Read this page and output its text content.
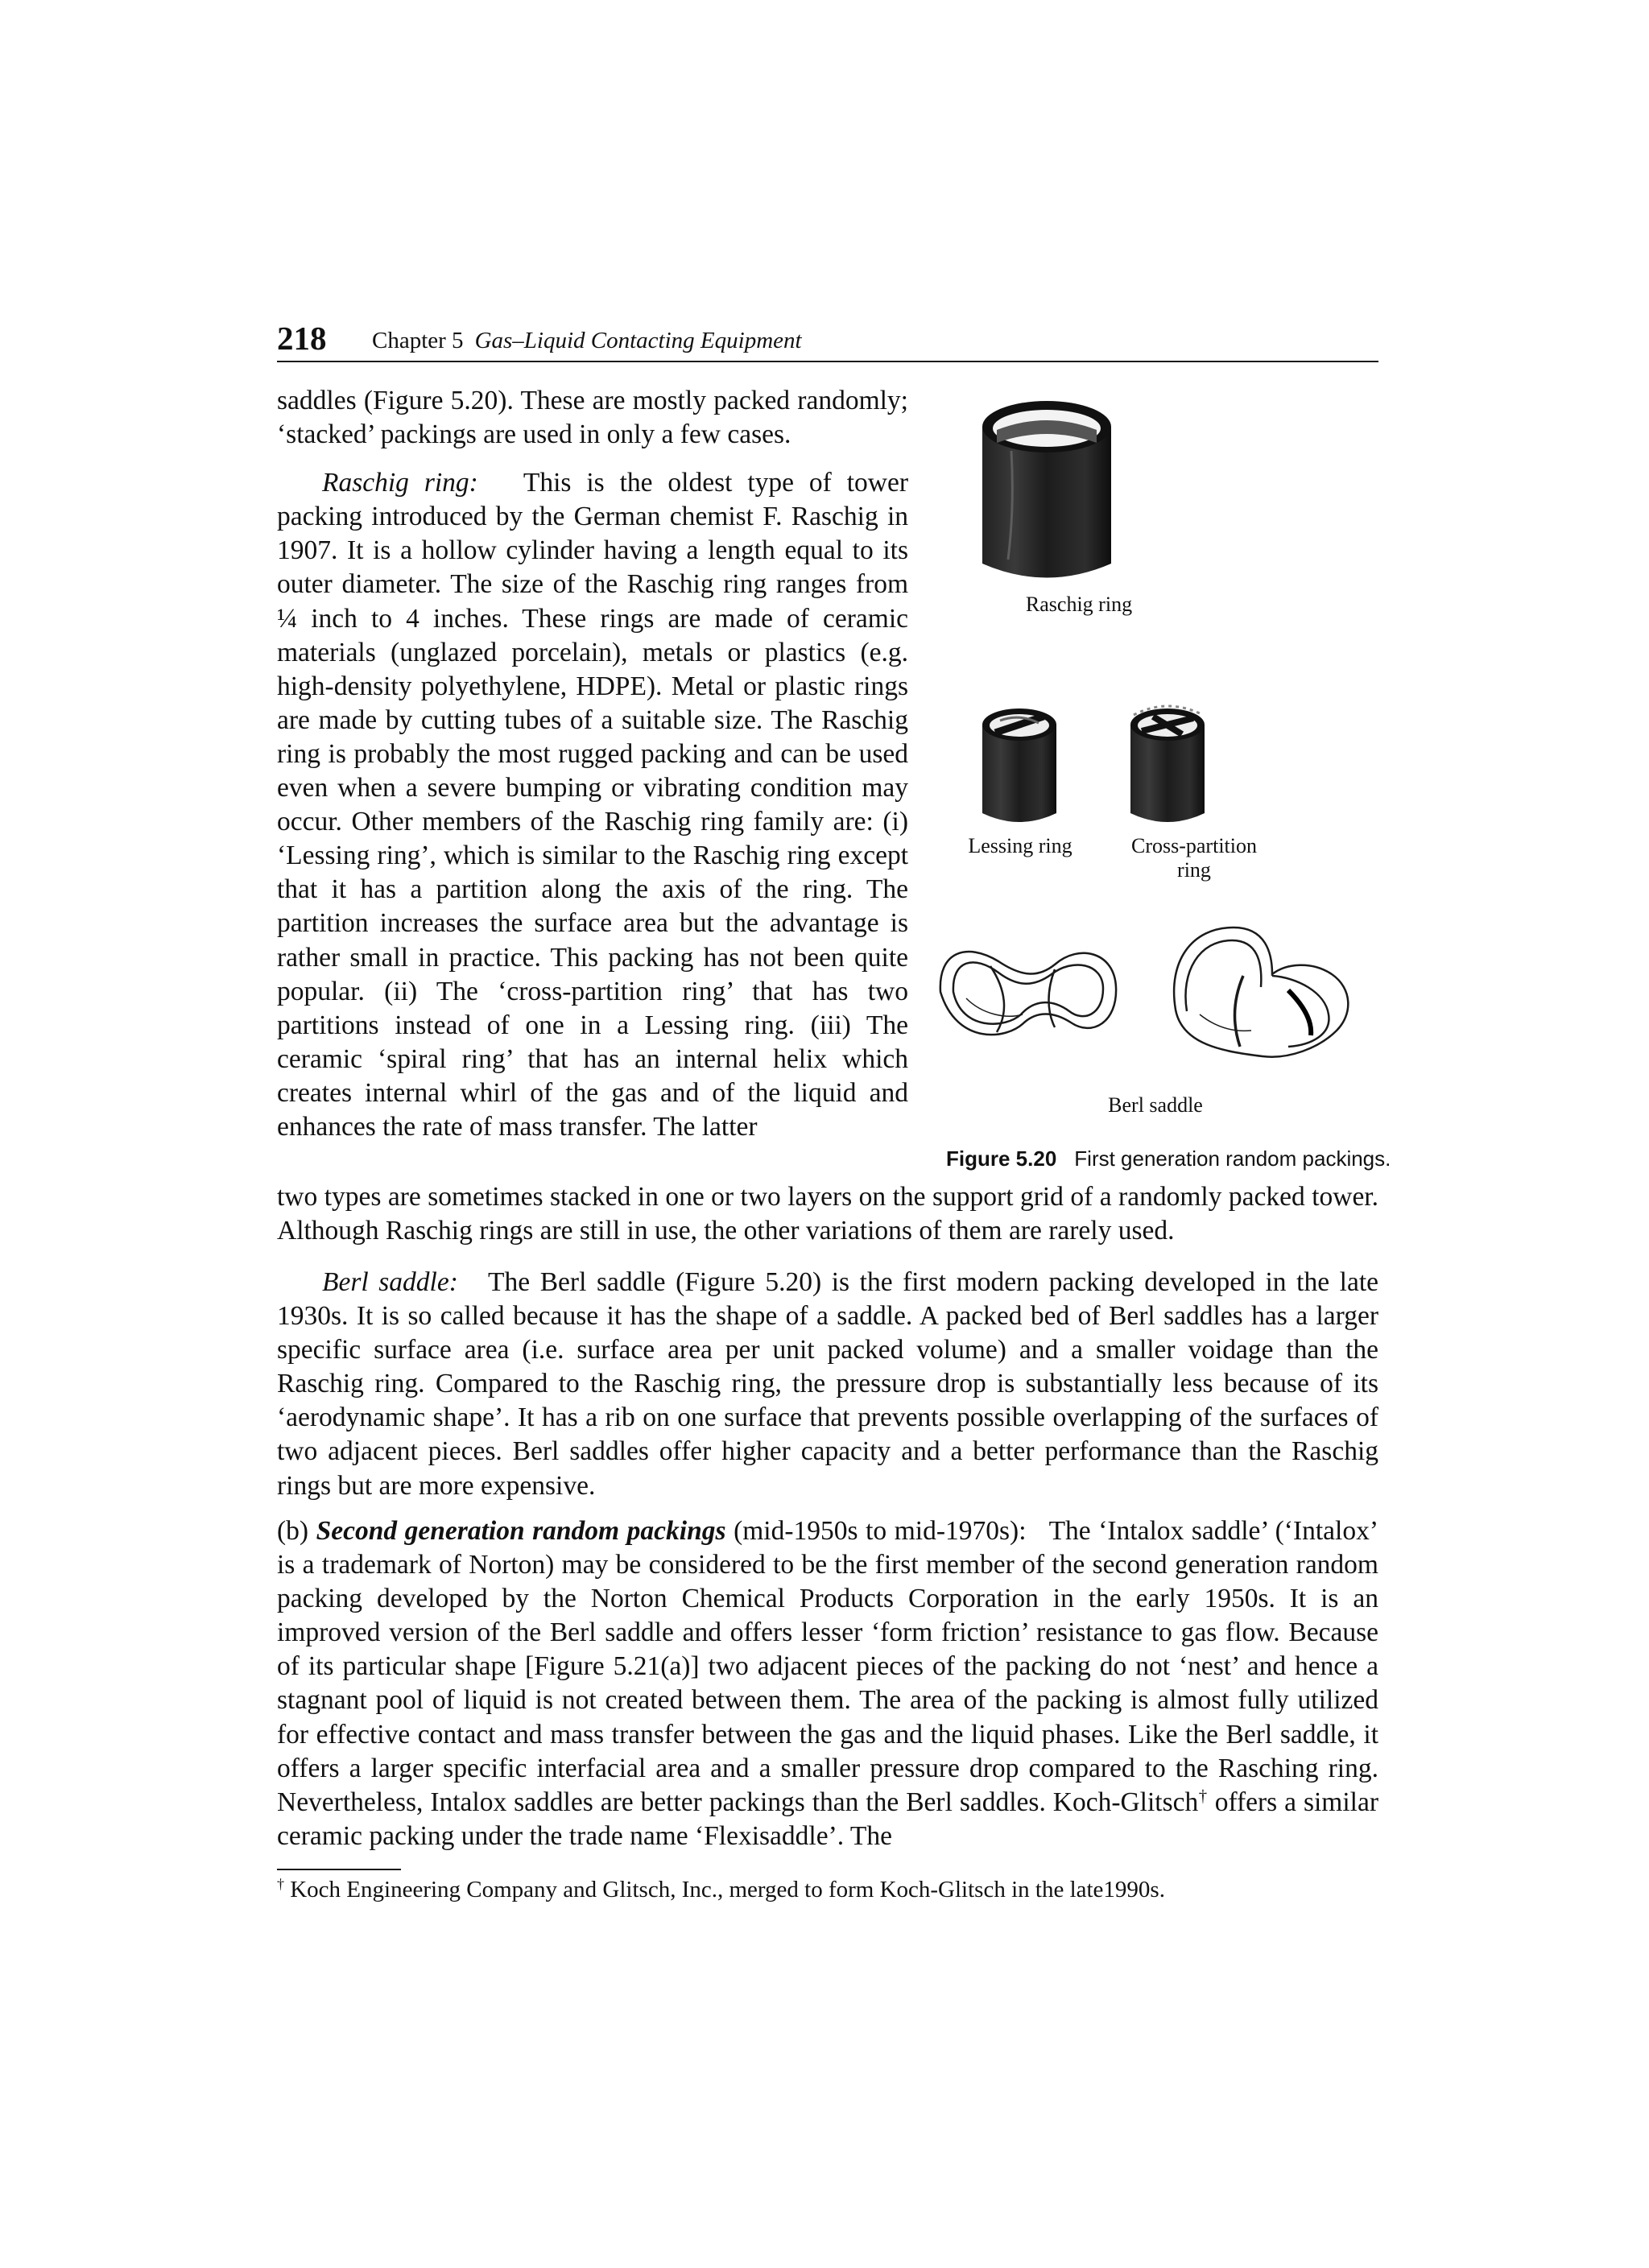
218 Chapter 5 Gas–Liquid Contacting Equipment

saddles (Figure 5.20). These are mostly packed randomly; ‘stacked’ packings are used in only a few cases.

Raschig ring: This is the oldest type of tower packing introduced by the German chemist F. Raschig in 1907. It is a hollow cylinder having a length equal to its outer diameter. The size of the Raschig ring ranges from ¼ inch to 4 inches. These rings are made of ceramic materials (unglazed porcelain), metals or plastics (e.g. high-density polyethylene, HDPE). Metal or plastic rings are made by cutting tubes of a suitable size. The Raschig ring is probably the most rugged packing and can be used even when a severe bumping or vibrating condition may occur. Other members of the Raschig ring family are: (i) ‘Lessing ring’, which is similar to the Raschig ring except that it has a partition along the axis of the ring. The partition increases the surface area but the advantage is rather small in practice. This packing has not been quite popular. (ii) The ‘cross-partition ring’ that has two partitions instead of one in a Lessing ring. (iii) The ceramic ‘spiral ring’ that has an internal helix which creates internal whirl of the gas and of the liquid and enhances the rate of mass transfer. The latter

Raschig ring
Lessing ring	Cross-partition ring
Berl saddle
Figure 5.20 First generation random packings.
two types are sometimes stacked in one or two layers on the support grid of a randomly packed tower. Although Raschig rings are still in use, the other variations of them are rarely used.

Berl saddle: The Berl saddle (Figure 5.20) is the first modern packing developed in the late 1930s. It is so called because it has the shape of a saddle. A packed bed of Berl saddles has a larger specific surface area (i.e. surface area per unit packed volume) and a smaller voidage than the Raschig ring. Compared to the Raschig ring, the pressure drop is substantially less because of its ‘aerodynamic shape’. It has a rib on one surface that prevents possible overlapping of the surfaces of two adjacent pieces. Berl saddles offer higher capacity and a better performance than the Raschig rings but are more expensive.

(b) Second generation random packings (mid-1950s to mid-1970s): The ‘Intalox saddle’ (‘Intalox’ is a trademark of Norton) may be considered to be the first member of the second generation random packing developed by the Norton Chemical Products Corporation in the early 1950s. It is an improved version of the Berl saddle and offers lesser ‘form friction’ resistance to gas flow. Because of its particular shape [Figure 5.21(a)] two adjacent pieces of the packing do not ‘nest’ and hence a stagnant pool of liquid is not created between them. The area of the packing is almost fully utilized for effective contact and mass transfer between the gas and the liquid phases. Like the Berl saddle, it offers a larger specific interfacial area and a smaller pressure drop compared to the Rasching ring. Nevertheless, Intalox saddles are better packings than the Berl saddles. Koch-Glitsch† offers a similar ceramic packing under the trade name ‘Flexisaddle’. The

† Koch Engineering Company and Glitsch, Inc., merged to form Koch-Glitsch in the late1990s.
